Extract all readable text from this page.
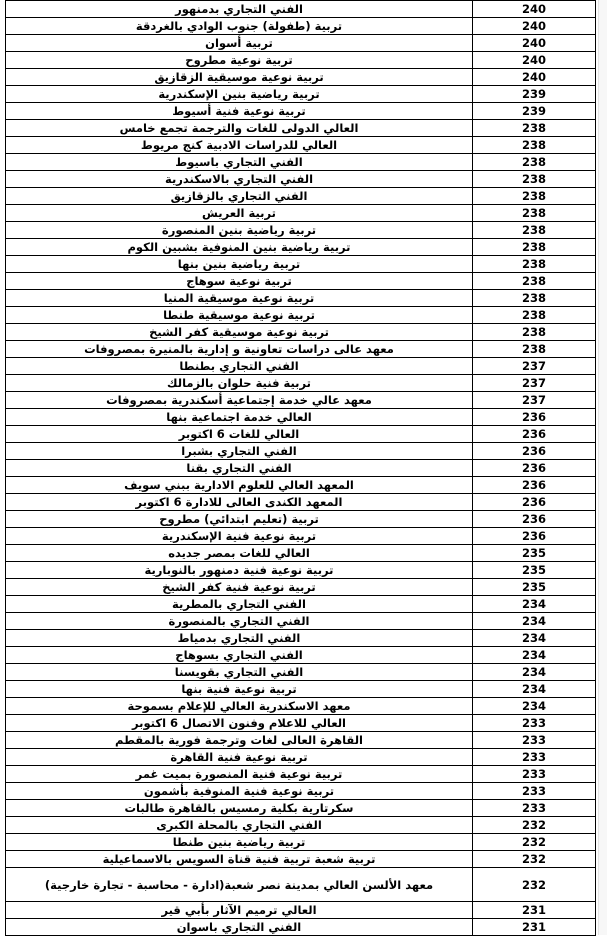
الفني التجاري بدمنهور	240
تربية (طفولة) جنوب الوادي بالغردقة	240
تربية أسوان	240
تربية نوعية مطروح	240
تربية نوعية موسيقية الزقازيق	240
تربية رياضية بنين الإسكندرية	239
تربية نوعية فنية أسيوط	239
العالي الدولى للغات والترجمة تجمع خامس	238
العالي للدراسات الادبية كنج مريوط	238
الفني التجاري باسيوط	238
الفني التجاري بالاسكندرية	238
الفني التجاري بالزقازيق	238
تربية العريش	238
تربية رياضية بنين المنصورة	238
تربية رياضية بنين المنوفية بشبين الكوم	238
تربية رياضية بنين بنها	238
تربية نوعية سوهاج	238
تربية نوعية موسيقية المنيا	238
تربية نوعية موسيقية طنطا	238
تربية نوعية موسيقية كفر الشيخ	238
معهد عالى دراسات تعاونية و إدارية بالمنيرة بمصروفات	238
الفني التجاري بطنطا	237
تربية فنية حلوان بالزمالك	237
معهد عالي خدمة إجتماعية أسكندرية بمصروفات	237
العالي خدمة اجتماعية بنها	236
العالي للغات 6 اكتوبر	236
الفني التجاري بشبرا	236
الفني التجاري بقنا	236
المعهد العالي للعلوم الادارية ببني سويف	236
المعهد الكندى العالى للادارة 6 اكتوبر	236
تربية (تعليم ابتدائي) مطروح	236
تربية نوعية فنية الإسكندرية	236
العالي للغات بمصر جديده	235
تربية نوعية فنية دمنهور بالنوبارية	235
تربية نوعية فنية كفر الشيخ	235
الفني التجاري بالمطرية	234
الفني التجاري بالمنصورة	234
الفني التجاري بدمياط	234
الفني التجاري بسوهاج	234
الفني التجاري بقويسنا	234
تربية نوعية فنية بنها	234
معهد الاسكندرية العالي للإعلام بسموحة	234
العالي للاعلام وفنون الاتصال 6 اكتوبر	233
القاهرة العالى لغات وترجمة فورية بالمقطم	233
تربية نوعية فنية القاهرة	233
تربية نوعية فنية المنصورة بميت غمر	233
تربية نوعية فنية المنوفية بأشمون	233
سكرتارية بكلية رمسيس بالقاهرة طالبات	233
الفني التجاري بالمحلة الكبرى	232
تربية رياضية بنين طنطا	232
تربية شعبة تربية فنية قناة السويس بالاسماعيلية	232
معهد الألسن العالي بمدينة نصر شعبة(ادارة - محاسبة - تجارة خارجية)	232
العالي ترميم الآثار بأبي قير	231
الفني التجاري باسوان	231
